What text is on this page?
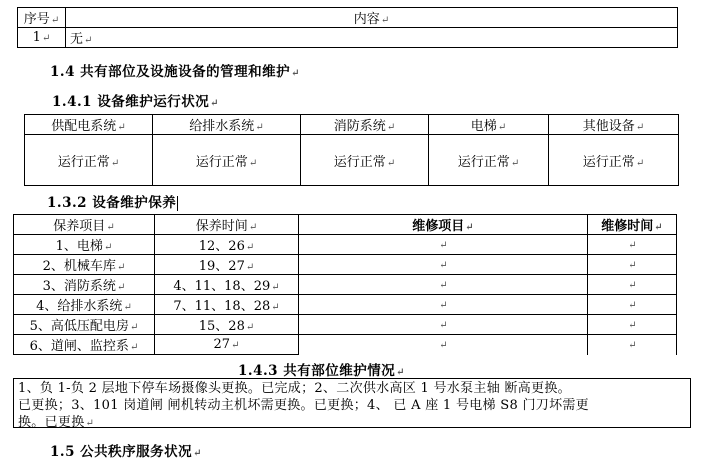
序号↵	内容↵
1↵	无↵
1.4 共有部位及设施设备的管理和维护↵
1.4.1 设备维护运行状况↵
供配电系统↵	给排水系统↵	消防系统↵	电梯↵	其他设备↵
运行正常↵	运行正常↵	运行正常↵	运行正常↵	运行正常↵
1.3.2 设备维护保养
保养项目↵	保养时间↵	维修项目↵	维修时间↵
1、电梯↵	12、26↵	↵	↵
2、机械车库↵	19、27↵	↵	↵
3、消防系统↵	4、11、18、29↵	↵	↵
4、给排水系统↵	7、11、18、28↵	↵	↵
5、高低压配电房↵	15、28↵	↵	↵
6、道闸、监控系↵	27↵	↵	↵
1.4.3 共有部位维护情况↵
1、负 1-负 2 层地下停车场摄像头更换。已完成；2、二次供水高区 1 号水泵主轴 断高更换。
已更换；3、101 岗道闸 闸机转动主机坏需更换。已更换；4、 已 A 座 1 号电梯 S8 门刀坏需更
换。已更换↵
1.5 公共秩序服务状况↵
